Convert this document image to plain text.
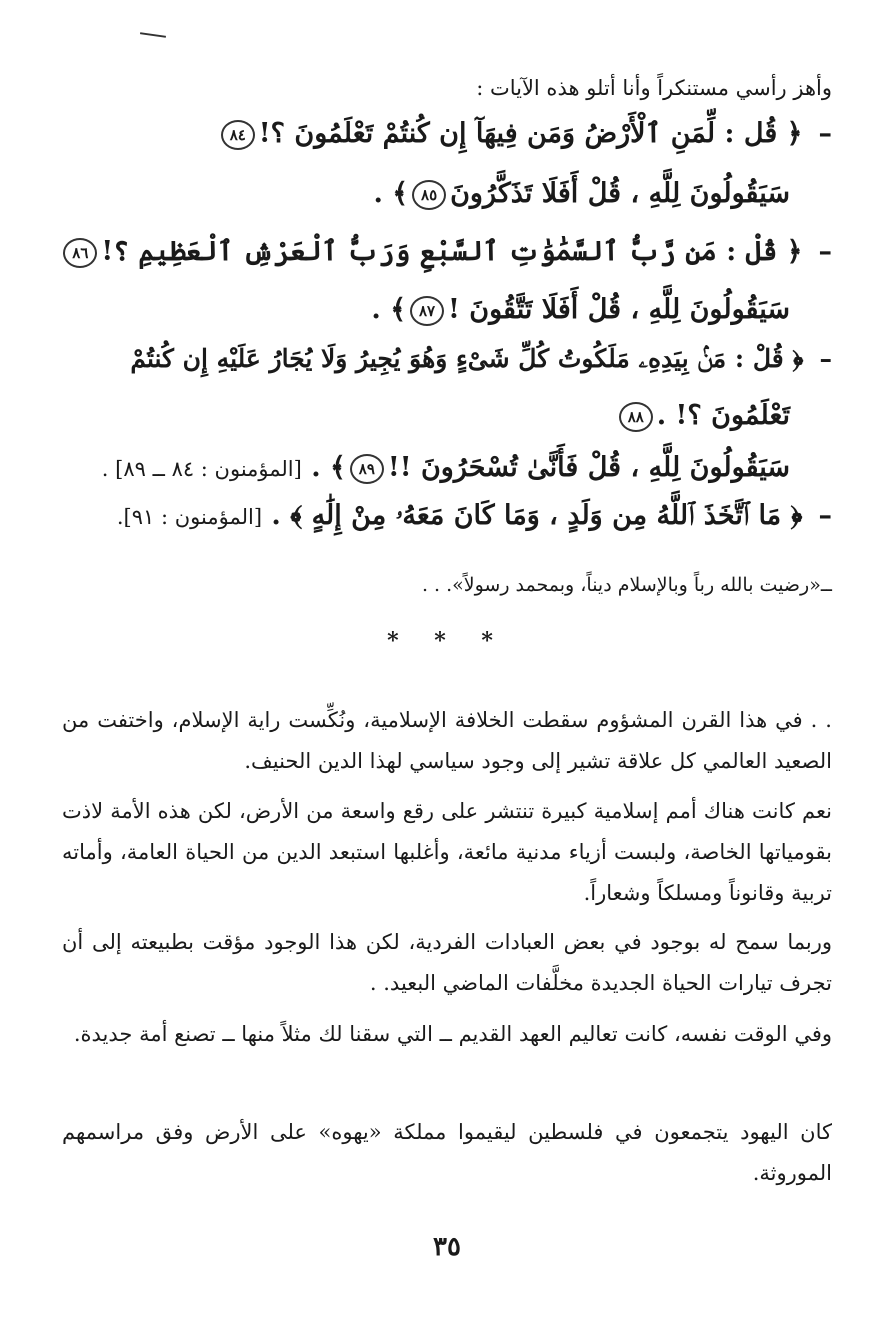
وأهز رأسي مستنكراً وأنا أتلو هذه الآيات :
–﴿ قُل : لِّمَنِ ٱلْأَرْضُ وَمَن فِيهَآ إِن كُنتُمْ تَعْلَمُونَ ؟!٨٤
سَيَقُولُونَ لِلَّهِ ، قُلْ أَفَلَا تَذَكَّرُونَ٨٥﴾ .
–﴿ قُلْ : مَن رَّبُّ ٱلسَّمَٰوَٰتِ ٱلسَّبْعِ وَرَبُّ ٱلْعَرْشِ ٱلْعَظِيمِ ؟!٨٦
سَيَقُولُونَ لِلَّهِ ، قُلْ أَفَلَا تَتَّقُونَ !٨٧﴾ .
–﴿ قُلْ : مَنۢ بِيَدِهِۦ مَلَكُوتُ كُلِّ شَىْءٍ وَهُوَ يُجِيرُ وَلَا يُجَارُ عَلَيْهِ إِن كُنتُمْ
تَعْلَمُونَ ؟! .٨٨
سَيَقُولُونَ لِلَّهِ ، قُلْ فَأَنَّىٰ تُسْحَرُونَ !!٨٩﴾ . [المؤمنون : ٨٤ ــ ٨٩] .
–﴿ مَا ٱتَّخَذَ ٱللَّهُ مِن وَلَدٍ ، وَمَا كَانَ مَعَهُۥ مِنْ إِلَٰهٍ ﴾ . [المؤمنون : ٩١].
ــ«رضيت بالله رباً وبالإسلام ديناً، وبمحمد رسولاً». . .
* * *
. . في هذا القرن المشؤوم سقطت الخلافة الإسلامية، ونُكِّست راية الإسلام، واختفت من الصعيد العالمي كل علاقة تشير إلى وجود سياسي لهذا الدين الحنيف.
نعم كانت هناك أمم إسلامية كبيرة تنتشر على رقع واسعة من الأرض، لكن هذه الأمة لاذت بقومياتها الخاصة، ولبست أزياء مدنية مائعة، وأغلبها استبعد الدين من الحياة العامة، وأماته تربية وقانوناً ومسلكاً وشعاراً.
وربما سمح له بوجود في بعض العبادات الفردية، لكن هذا الوجود مؤقت بطبيعته إلى أن تجرف تيارات الحياة الجديدة مخلَّفات الماضي البعيد. .
وفي الوقت نفسه، كانت تعاليم العهد القديم ــ التي سقنا لك مثلاً منها ــ تصنع أمة جديدة.
كان اليهود يتجمعون في فلسطين ليقيموا مملكة «يهوه» على الأرض وفق مراسمهم الموروثة.
٣٥
